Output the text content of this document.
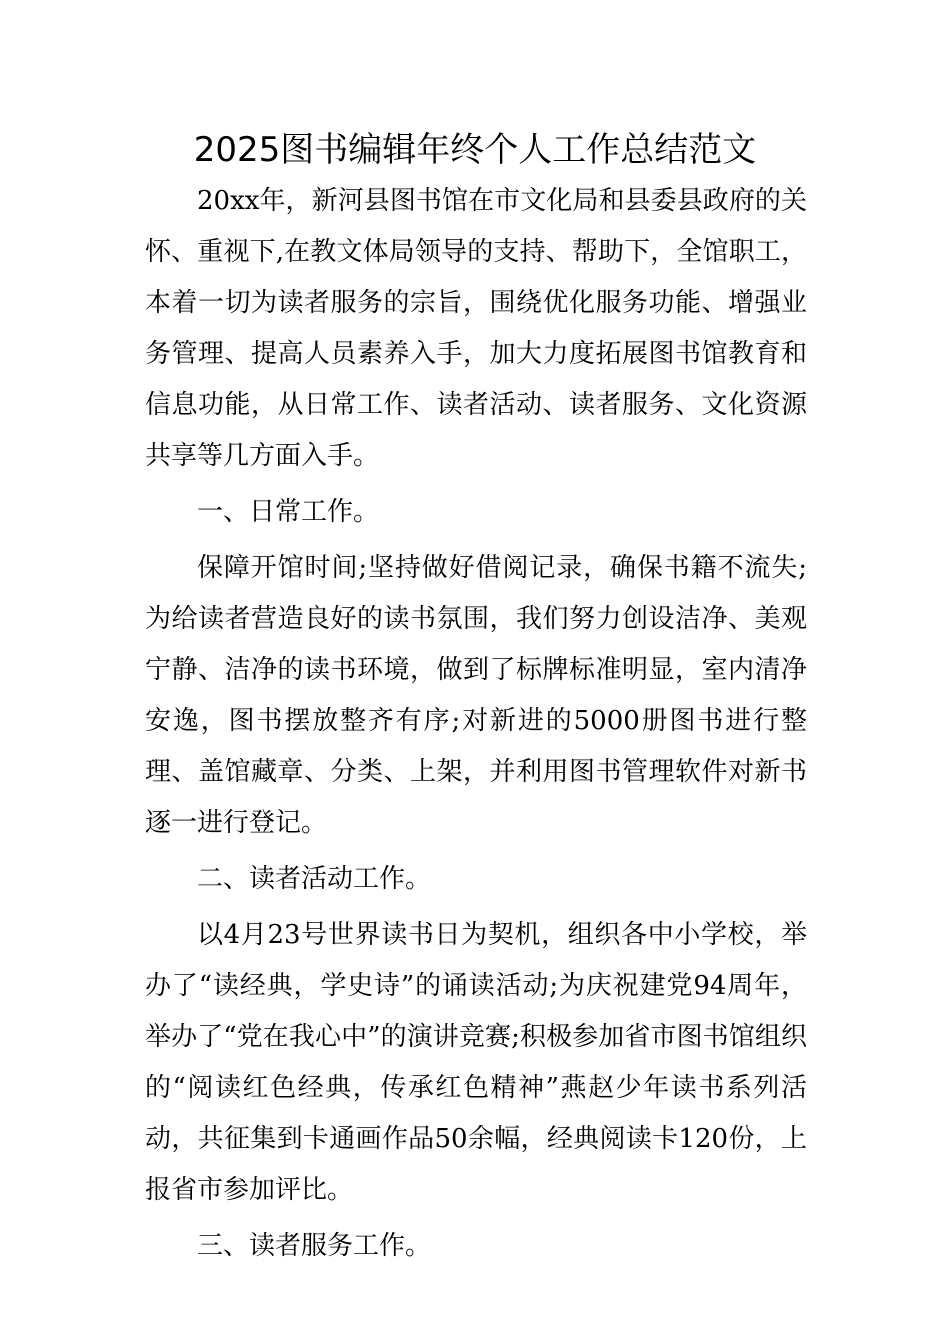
2025图书编辑年终个人工作总结范文

20xx年，新河县图书馆在市文化局和县委县政府的关怀、重视下,在教文体局领导的支持、帮助下，全馆职工，本着一切为读者服务的宗旨，围绕优化服务功能、增强业务管理、提高人员素养入手，加大力度拓展图书馆教育和信息功能，从日常工作、读者活动、读者服务、文化资源共享等几方面入手。

一、日常工作。

保障开馆时间;坚持做好借阅记录，确保书籍不流失;为给读者营造良好的读书氛围，我们努力创设洁净、美观宁静、洁净的读书环境，做到了标牌标准明显，室内清净安逸，图书摆放整齐有序;对新进的5000册图书进行整理、盖馆藏章、分类、上架，并利用图书管理软件对新书逐一进行登记。

二、读者活动工作。

以4月23号世界读书日为契机，组织各中小学校，举办了“读经典，学史诗”的诵读活动;为庆祝建党94周年，举办了“党在我心中”的演讲竞赛;积极参加省市图书馆组织的“阅读红色经典，传承红色精神”燕赵少年读书系列活动，共征集到卡通画作品50余幅，经典阅读卡120份，上报省市参加评比。

三、读者服务工作。
